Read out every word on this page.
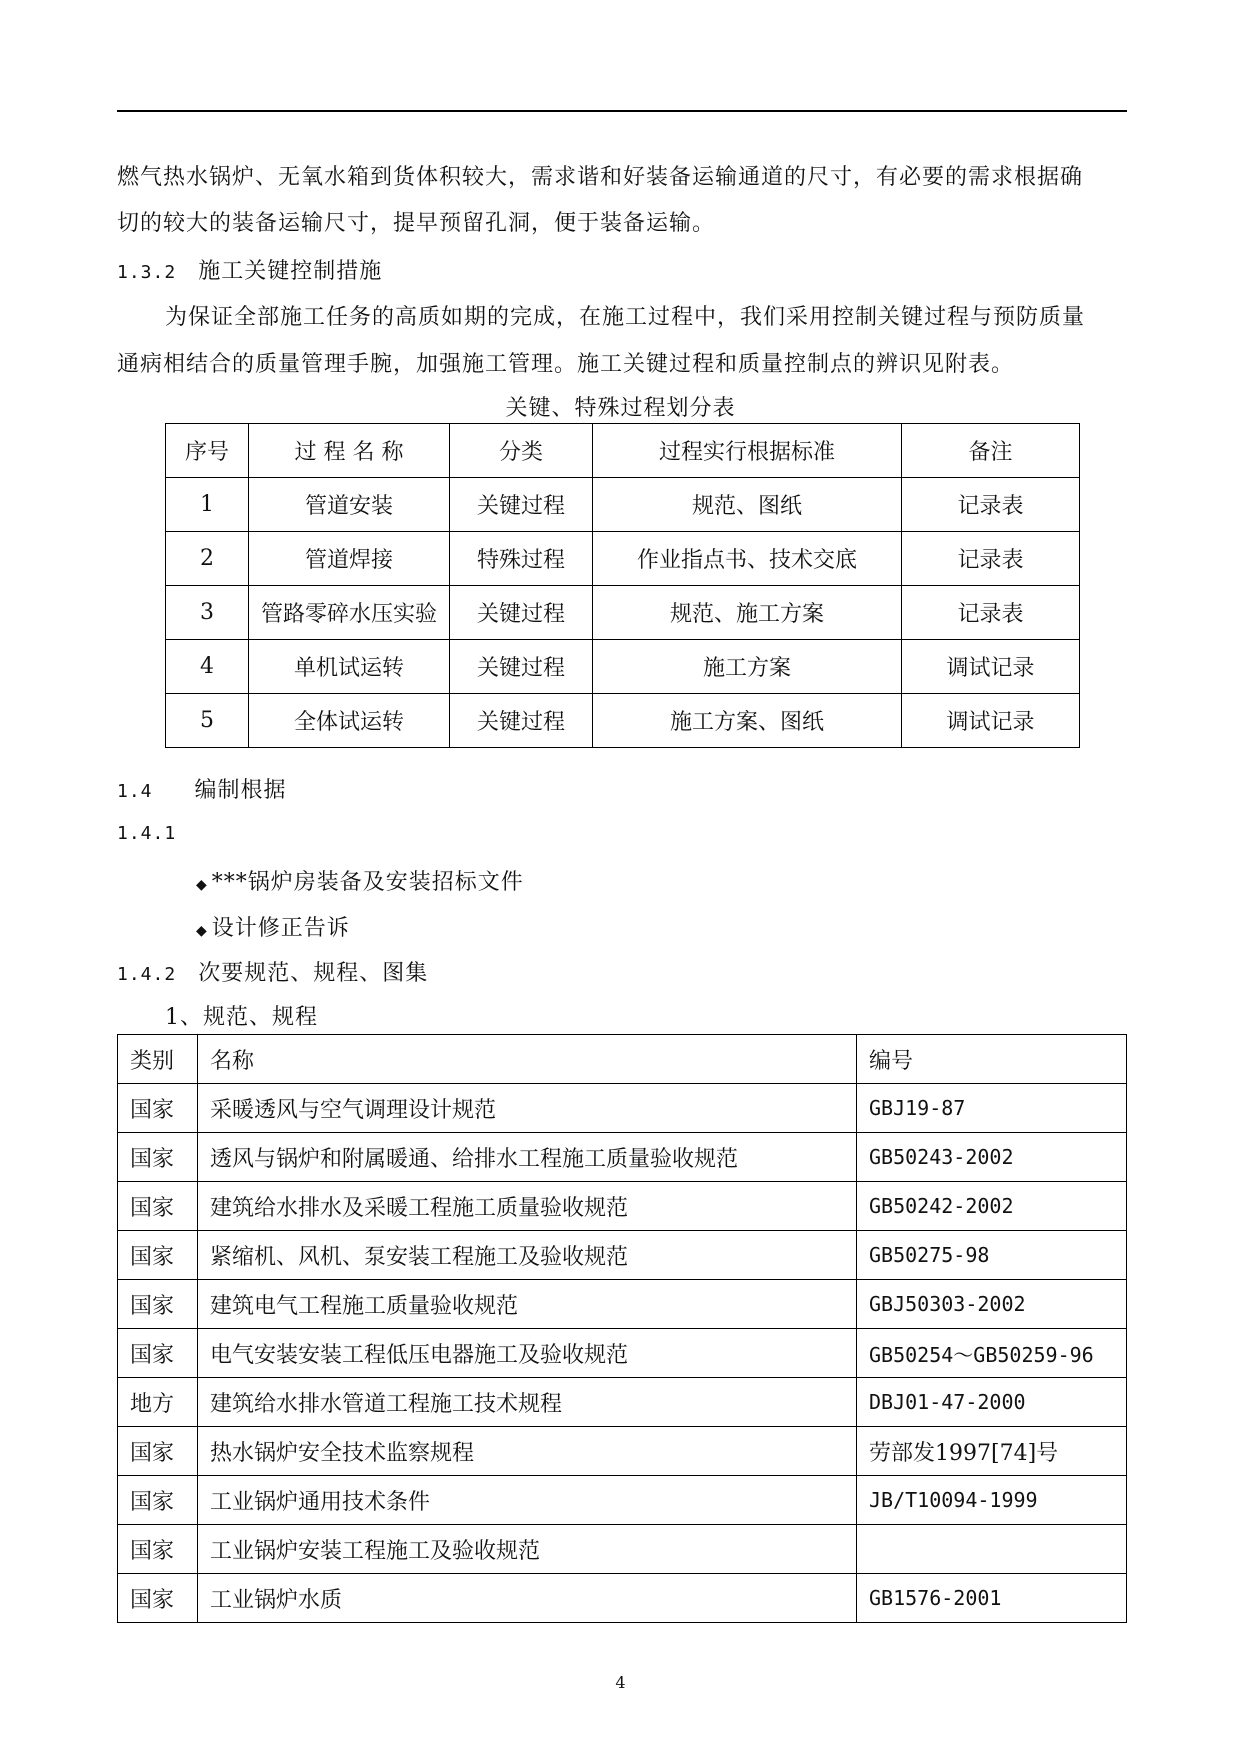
燃气热水锅炉、无氧水箱到货体积较大，需求谐和好装备运输通道的尺寸，有必要的需求根据确
切的较大的装备运输尺寸，提早预留孔洞，便于装备运输。
1.3.2 施工关键控制措施
为保证全部施工任务的高质如期的完成，在施工过程中，我们采用控制关键过程与预防质量
通病相结合的质量管理手腕，加强施工管理。施工关键过程和质量控制点的辨识见附表。
关键、特殊过程划分表
序号	过 程 名 称	分类	过程实行根据标准	备注
1	管道安装	关键过程	规范、图纸	记录表
2	管道焊接	特殊过程	作业指点书、技术交底	记录表
3	管路零碎水压实验	关键过程	规范、施工方案	记录表
4	单机试运转	关键过程	施工方案	调试记录
5	全体试运转	关键过程	施工方案、图纸	调试记录
1.4 编制根据
1.4.1
◆ ***锅炉房装备及安装招标文件
◆ 设计修正告诉
1.4.2 次要规范、规程、图集
1、规范、规程
类别	名称	编号
国家	采暖透风与空气调理设计规范	GBJ19-87
国家	透风与锅炉和附属暖通、给排水工程施工质量验收规范	GB50243-2002
国家	建筑给水排水及采暖工程施工质量验收规范	GB50242-2002
国家	紧缩机、风机、泵安装工程施工及验收规范	GB50275-98
国家	建筑电气工程施工质量验收规范	GBJ50303-2002
国家	电气安装安装工程低压电器施工及验收规范	GB50254～GB50259-96
地方	建筑给水排水管道工程施工技术规程	DBJ01-47-2000
国家	热水锅炉安全技术监察规程	劳部发1997[74]号
国家	工业锅炉通用技术条件	JB/T10094-1999
国家	工业锅炉安装工程施工及验收规范	
国家	工业锅炉水质	GB1576-2001
4
